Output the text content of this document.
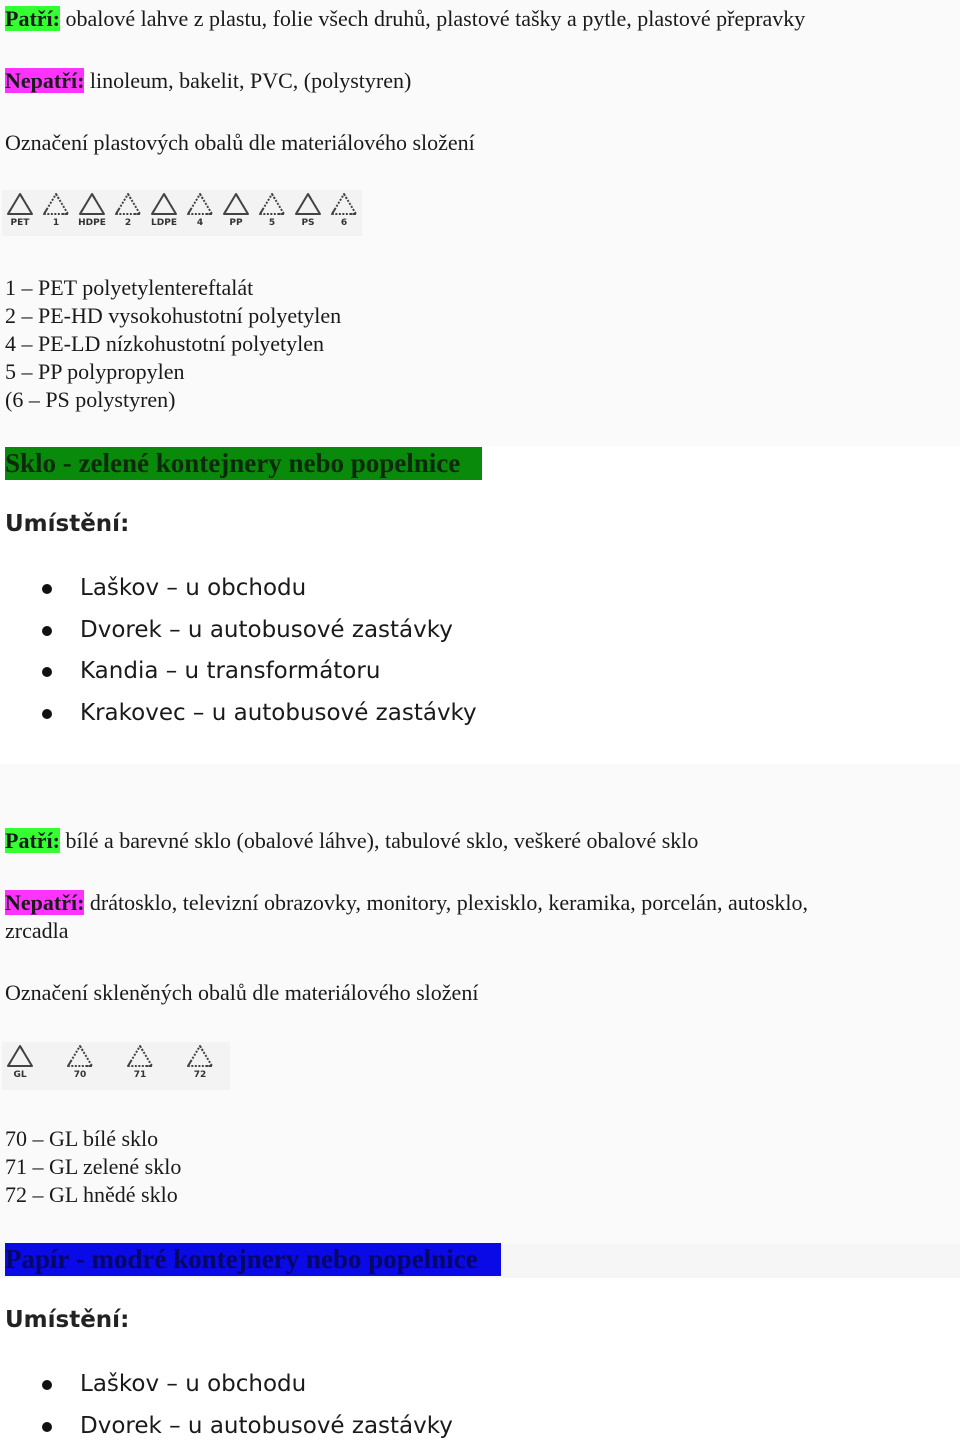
Patří: obalové lahve z plastu, folie všech druhů, plastové tašky a pytle, plastové přepravky
Nepatří: linoleum, bakelit, PVC, (polystyren)
Označení plastových obalů dle materiálového složení
PET	1	HDPE	2	LDPE	4	PP	5	PS	6
1 – PET polyetylentereftalát
2 – PE-HD vysokohustotní polyetylen
4 – PE-LD nízkohustotní polyetylen
5 – PP polypropylen
(6 – PS polystyren)
Sklo - zelené kontejnery nebo popelnice
Umístění:
Laškov – u obchodu
Dvorek – u autobusové zastávky
Kandia – u transformátoru
Krakovec – u autobusové zastávky
Patří: bílé a barevné sklo (obalové láhve), tabulové sklo, veškeré obalové sklo
Nepatří: drátosklo, televizní obrazovky, monitory, plexisklo, keramika, porcelán, autosklo,
zrcadla
Označení skleněných obalů dle materiálového složení
GL	70	71	72
70 – GL bílé sklo
71 – GL zelené sklo
72 – GL hnědé sklo
Papír - modré kontejnery nebo popelnice
Umístění:
Laškov – u obchodu
Dvorek – u autobusové zastávky
